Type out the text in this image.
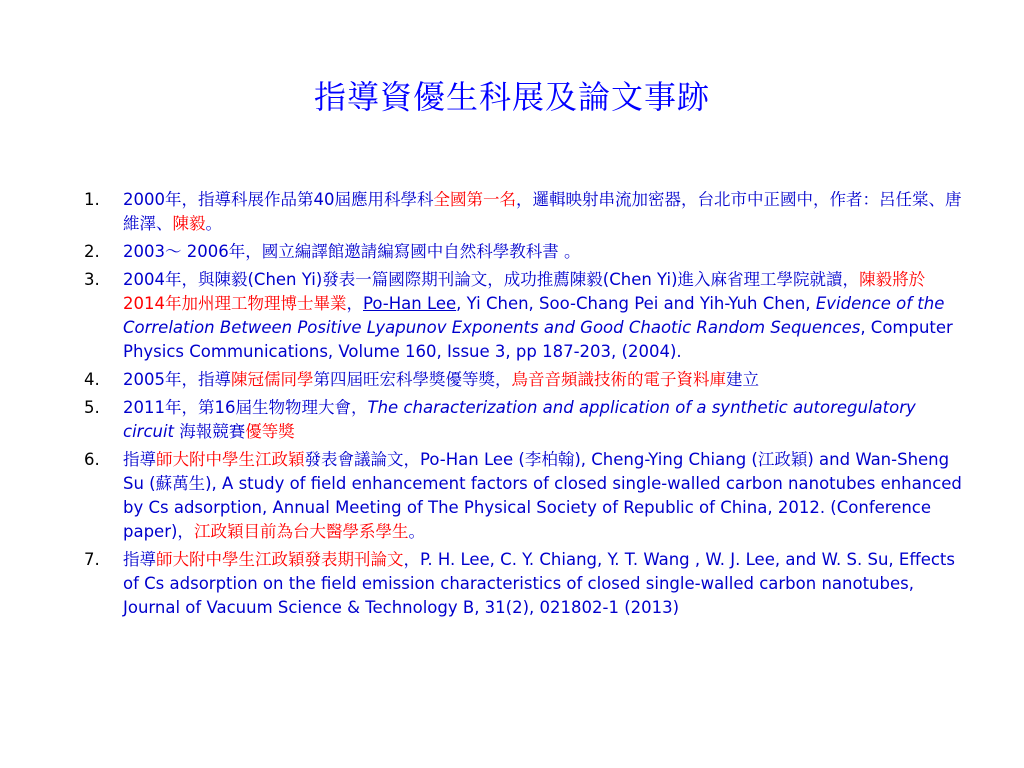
指導資優生科展及論文事跡
1. 2000年，指導科展作品第40屆應用科學科全國第一名，邏輯映射串流加密器，台北市中正國中，作者：呂任棠、唐維澤、陳毅。
2. 2003～ 2006年，國立編譯館邀請編寫國中自然科學教科書 。
3. 2004年，與陳毅(Chen Yi)發表一篇國際期刊論文，成功推薦陳毅(Chen Yi)進入麻省理工學院就讀，陳毅將於2014年加州理工物理博士畢業，Po-Han Lee, Yi Chen, Soo-Chang Pei and Yih-Yuh Chen, Evidence of the Correlation Between Positive Lyapunov Exponents and Good Chaotic Random Sequences, Computer Physics Communications, Volume 160, Issue 3, pp 187-203, (2004).
4. 2005年，指導陳冠儒同學第四屆旺宏科學獎優等獎，鳥音音頻識技術的電子資料庫建立
5. 2011年，第16屆生物物理大會，The characterization and application of a synthetic autoregulatory circuit 海報競賽優等獎
6. 指導師大附中學生江政穎發表會議論文，Po-Han Lee (李柏翰), Cheng-Ying Chiang (江政穎) and Wan-Sheng Su (蘇萬生), A study of field enhancement factors of closed single-walled carbon nanotubes enhanced by Cs adsorption, Annual Meeting of The Physical Society of Republic of China, 2012. (Conference paper)，江政穎目前為台大醫學系學生。
7. 指導師大附中學生江政穎發表期刊論文，P. H. Lee, C. Y. Chiang, Y. T. Wang , W. J. Lee, and W. S. Su, Effects of Cs adsorption on the field emission characteristics of closed single-walled carbon nanotubes, Journal of Vacuum Science & Technology B, 31(2), 021802-1 (2013)
